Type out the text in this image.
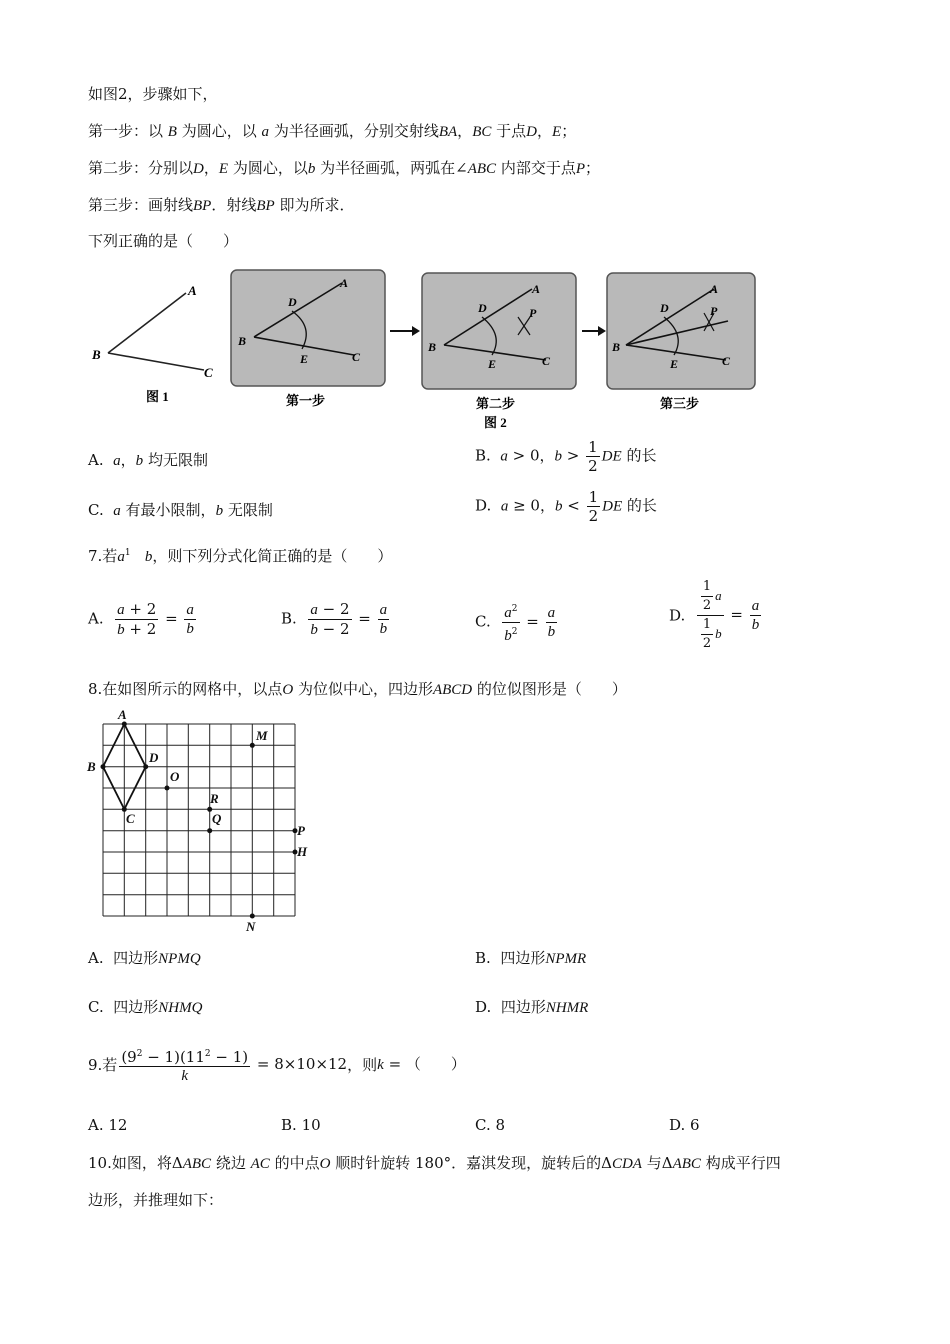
如图2，步骤如下，
第一步：以 B 为圆心，以 a 为半径画弧，分别交射线BA，BC 于点D，E；
第二步：分别以D，E 为圆心，以b 为半径画弧，两弧在∠ABC 内部交于点P；
第三步：画射线BP．射线BP 即为所求．
下列正确的是（　　）
A
B
C
图 1
A
B
C
D
E
第一步
A
B
C
D
E
P
第二步
图 2
A
B
C
D
E
P
第三步
A. a，b 均无限制	B. a > 0，$b > \frac{1}{2}$ DE 的长
C. a 有最小限制，b 无限制	D. a ≥ 0，$b < \frac{1}{2}$ DE 的长
7.若$a^1$ b，则下列分式化简正确的是（　　）
A. $\frac{a + 2}{b + 2} = \frac{a}{b}$	B. $\frac{a - 2}{b - 2} = \frac{a}{b}$	C. $\frac{a^2}{b^2} = \frac{a}{b}$	D. $\frac{\frac{1}{2} a}{\frac{1}{2} b} = \frac{a}{b}$
8.在如图所示的网格中，以点O 为位似中心，四边形ABCD 的位似图形是（　　）
A
B
C
D
O
R
Q
M
P
H
N
A. 四边形NPMQ	B. 四边形NPMR
C. 四边形NHMQ	D. 四边形NHMR
9.若 $\frac{(9^2 - 1)(11^2 - 1)}{k} = 8\times 10\times 12$，则k = （　　）
A. 12	B. 10	C. 8	D. 6
10.如图，将ΔABC 绕边 AC 的中点O 顺时针旋转 180°．嘉淇发现，旋转后的ΔCDA 与ΔABC 构成平行四
边形，并推理如下：
